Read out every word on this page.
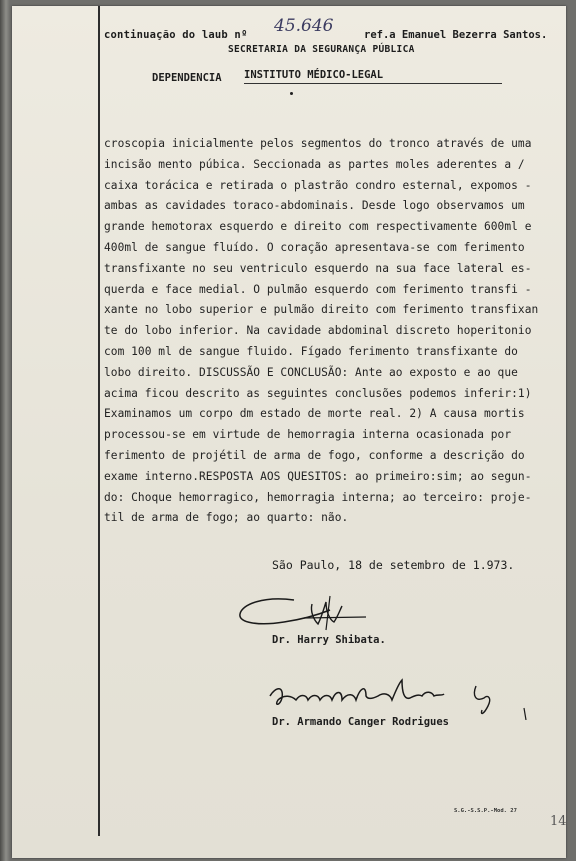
continuação do laub nº 45.646	ref.a Emanuel Bezerra Santos.
SECRETARIA DA SEGURANÇA PÚBLICA
DEPENDENCIA INSTITUTO MÉDICO-LEGAL
croscopia inicialmente pelos segmentos do tronco através de uma
incisão mento púbica. Seccionada as partes moles aderentes a /
caixa torácica e retirada o plastrão condro esternal, expomos -
ambas as cavidades toraco-abdominais. Desde logo observamos um
grande hemotorax esquerdo e direito com respectivamente 600ml e
400ml de sangue fluído. O coração apresentava-se com ferimento
transfixante no seu ventriculo esquerdo na sua face lateral es-
querda e face medial. O pulmão esquerdo com ferimento transfi -
xante no lobo superior e pulmão direito com ferimento transfixan
te do lobo inferior. Na cavidade abdominal discreto hoperitonio
com 100 ml de sangue fluido. Fígado ferimento transfixante do
lobo direito. DISCUSSÃO E CONCLUSÃO: Ante ao exposto e ao que
acima ficou descrito as seguintes conclusões podemos inferir:1)
Examinamos um corpo dm estado de morte real. 2) A causa mortis
processou-se em virtude de hemorragia interna ocasionada por
ferimento de projétil de arma de fogo, conforme a descrição do
exame interno.RESPOSTA AOS QUESITOS: ao primeiro:sim; ao segun-
do: Choque hemorragico, hemorragia interna; ao terceiro: proje-
til de arma de fogo; ao quarto: não.
São Paulo, 18 de setembro de 1.973.
Dr. Harry Shibata.
Dr. Armando Canger Rodrigues
S.G.-S.S.P.-Mod. 27
14
